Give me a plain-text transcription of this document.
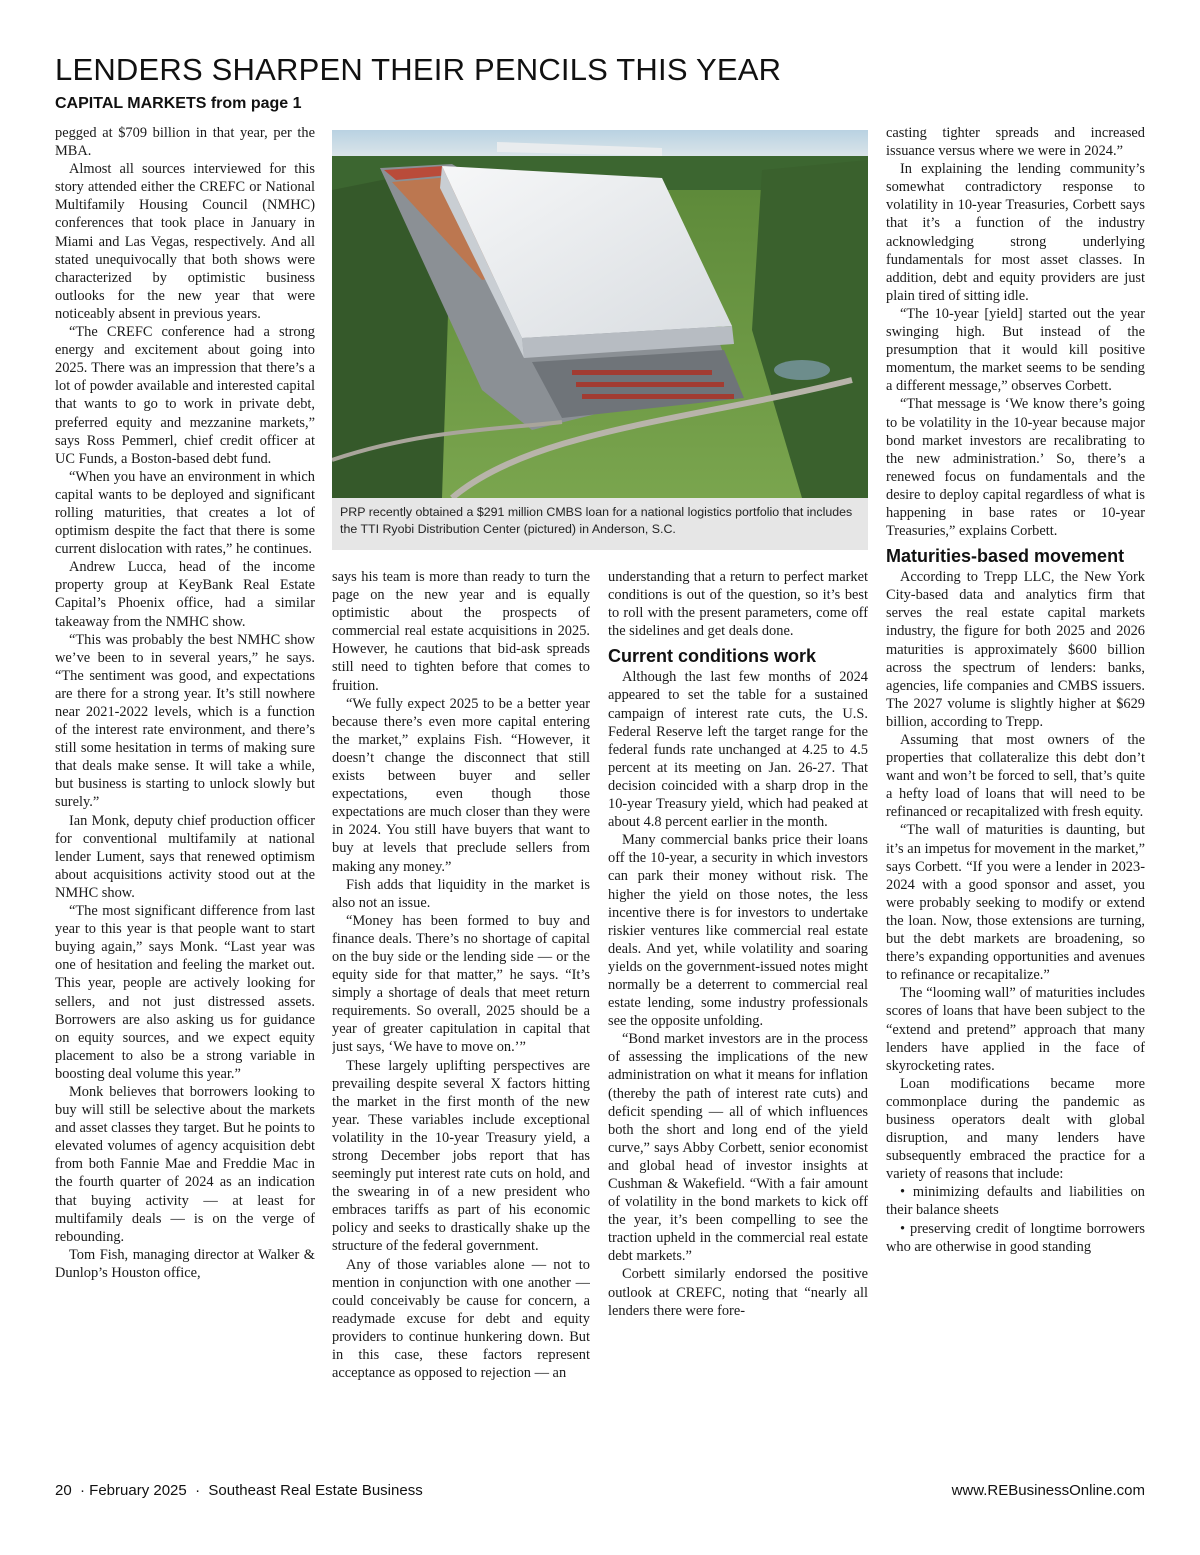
LENDERS SHARPEN THEIR PENCILS THIS YEAR
CAPITAL MARKETS from page 1

pegged at $709 billion in that year, per the MBA.

Almost all sources interviewed for this story attended either the CREFC or National Multifamily Housing Council (NMHC) conferences that took place in January in Miami and Las Vegas, respectively. And all stated unequivocally that both shows were characterized by optimistic business outlooks for the new year that were noticeably absent in previous years.

“The CREFC conference had a strong energy and excitement about going into 2025. There was an impression that there’s a lot of powder available and interested capital that wants to go to work in private debt, preferred equity and mezzanine markets,” says Ross Pemmerl, chief credit officer at UC Funds, a Boston-based debt fund.

“When you have an environment in which capital wants to be deployed and significant rolling maturities, that creates a lot of optimism despite the fact that there is some current dislocation with rates,” he continues.

Andrew Lucca, head of the income property group at KeyBank Real Estate Capital’s Phoenix office, had a similar takeaway from the NMHC show.

“This was probably the best NMHC show we’ve been to in several years,” he says. “The sentiment was good, and expectations are there for a strong year. It’s still nowhere near 2021-2022 levels, which is a function of the interest rate environment, and there’s still some hesitation in terms of making sure that deals make sense. It will take a while, but business is starting to unlock slowly but surely.”

Ian Monk, deputy chief production officer for conventional multifamily at national lender Lument, says that renewed optimism about acquisitions activity stood out at the NMHC show.

“The most significant difference from last year to this year is that people want to start buying again,” says Monk. “Last year was one of hesitation and feeling the market out. This year, people are actively looking for sellers, and not just distressed assets. Borrowers are also asking us for guidance on equity sources, and we expect equity placement to also be a strong variable in boosting deal volume this year.”

Monk believes that borrowers looking to buy will still be selective about the markets and asset classes they target. But he points to elevated volumes of agency acquisition debt from both Fannie Mae and Freddie Mac in the fourth quarter of 2024 as an indication that buying activity — at least for multifamily deals — is on the verge of rebounding.

Tom Fish, managing director at Walker & Dunlop’s Houston office,

PRP recently obtained a $291 million CMBS loan for a national logistics portfolio that includes the TTI Ryobi Distribution Center (pictured) in Anderson, S.C.

says his team is more than ready to turn the page on the new year and is equally optimistic about the prospects of commercial real estate acquisitions in 2025. However, he cautions that bid-ask spreads still need to tighten before that comes to fruition.

“We fully expect 2025 to be a better year because there’s even more capital entering the market,” explains Fish. “However, it doesn’t change the disconnect that still exists between buyer and seller expectations, even though those expectations are much closer than they were in 2024. You still have buyers that want to buy at levels that preclude sellers from making any money.”

Fish adds that liquidity in the market is also not an issue.

“Money has been formed to buy and finance deals. There’s no shortage of capital on the buy side or the lending side — or the equity side for that matter,” he says. “It’s simply a shortage of deals that meet return requirements. So overall, 2025 should be a year of greater capitulation in capital that just says, ‘We have to move on.’”

These largely uplifting perspectives are prevailing despite several X factors hitting the market in the first month of the new year. These variables include exceptional volatility in the 10-year Treasury yield, a strong December jobs report that has seemingly put interest rate cuts on hold, and the swearing in of a new president who embraces tariffs as part of his economic policy and seeks to drastically shake up the structure of the federal government.

Any of those variables alone — not to mention in conjunction with one another — could conceivably be cause for concern, a readymade excuse for debt and equity providers to continue hunkering down. But in this case, these factors represent acceptance as opposed to rejection — an

understanding that a return to perfect market conditions is out of the question, so it’s best to roll with the present parameters, come off the sidelines and get deals done.

Current conditions work

Although the last few months of 2024 appeared to set the table for a sustained campaign of interest rate cuts, the U.S. Federal Reserve left the target range for the federal funds rate unchanged at 4.25 to 4.5 percent at its meeting on Jan. 26-27. That decision coincided with a sharp drop in the 10-year Treasury yield, which had peaked at about 4.8 percent earlier in the month.

Many commercial banks price their loans off the 10-year, a security in which investors can park their money without risk. The higher the yield on those notes, the less incentive there is for investors to undertake riskier ventures like commercial real estate deals. And yet, while volatility and soaring yields on the government-issued notes might normally be a deterrent to commercial real estate lending, some industry professionals see the opposite unfolding.

“Bond market investors are in the process of assessing the implications of the new administration on what it means for inflation (thereby the path of interest rate cuts) and deficit spending — all of which influences both the short and long end of the yield curve,” says Abby Corbett, senior economist and global head of investor insights at Cushman & Wakefield. “With a fair amount of volatility in the bond markets to kick off the year, it’s been compelling to see the traction upheld in the commercial real estate debt markets.”

Corbett similarly endorsed the positive outlook at CREFC, noting that “nearly all lenders there were fore-

casting tighter spreads and increased issuance versus where we were in 2024.”

In explaining the lending community’s somewhat contradictory response to volatility in 10-year Treasuries, Corbett says that it’s a function of the industry acknowledging strong underlying fundamentals for most asset classes. In addition, debt and equity providers are just plain tired of sitting idle.

“The 10-year [yield] started out the year swinging high. But instead of the presumption that it would kill positive momentum, the market seems to be sending a different message,” observes Corbett.

“That message is ‘We know there’s going to be volatility in the 10-year because major bond market investors are recalibrating to the new administration.’ So, there’s a renewed focus on fundamentals and the desire to deploy capital regardless of what is happening in base rates or 10-year Treasuries,” explains Corbett.

Maturities-based movement

According to Trepp LLC, the New York City-based data and analytics firm that serves the real estate capital markets industry, the figure for both 2025 and 2026 maturities is approximately $600 billion across the spectrum of lenders: banks, agencies, life companies and CMBS issuers. The 2027 volume is slightly higher at $629 billion, according to Trepp.

Assuming that most owners of the properties that collateralize this debt don’t want and won’t be forced to sell, that’s quite a hefty load of loans that will need to be refinanced or recapitalized with fresh equity.

“The wall of maturities is daunting, but it’s an impetus for movement in the market,” says Corbett. “If you were a lender in 2023-2024 with a good sponsor and asset, you were probably seeking to modify or extend the loan. Now, those extensions are turning, but the debt markets are broadening, so there’s expanding opportunities and avenues to refinance or recapitalize.”

The “looming wall” of maturities includes scores of loans that have been subject to the “extend and pretend” approach that many lenders have applied in the face of skyrocketing rates.

Loan modifications became more commonplace during the pandemic as business operators dealt with global disruption, and many lenders have subsequently embraced the practice for a variety of reasons that include:

• minimizing defaults and liabilities on their balance sheets

• preserving credit of longtime borrowers who are otherwise in good standing

20  · February 2025  ·  Southeast Real Estate Business	www.REBusinessOnline.com
